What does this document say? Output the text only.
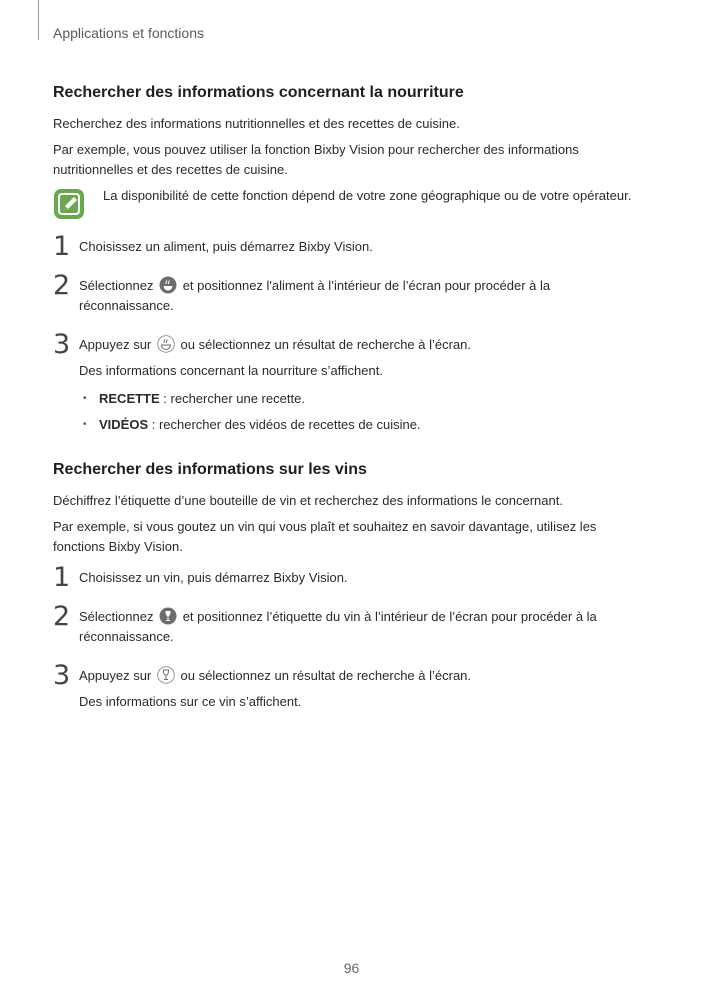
Applications et fonctions
Rechercher des informations concernant la nourriture

Recherchez des informations nutritionnelles et des recettes de cuisine.

Par exemple, vous pouvez utiliser la fonction Bixby Vision pour rechercher des informations nutritionnelles et des recettes de cuisine.

La disponibilité de cette fonction dépend de votre zone géographique ou de votre opérateur.
1 Choisissez un aliment, puis démarrez Bixby Vision.

2 Sélectionnez et positionnez l'aliment à l’intérieur de l’écran pour procéder à la réconnaissance.

3 Appuyez sur ou sélectionnez un résultat de recherche à l’écran.

Des informations concernant la nourriture s’affichent.

• RECETTE : rechercher une recette.
• VIDÉOS : rechercher des vidéos de recettes de cuisine.
Rechercher des informations sur les vins

Déchiffrez l’étiquette d’une bouteille de vin et recherchez des informations le concernant.

Par exemple, si vous goutez un vin qui vous plaît et souhaitez en savoir davantage, utilisez les fonctions Bixby Vision.

1 Choisissez un vin, puis démarrez Bixby Vision.

2 Sélectionnez et positionnez l’étiquette du vin à l’intérieur de l’écran pour procéder à la réconnaissance.

3 Appuyez sur ou sélectionnez un résultat de recherche à l’écran.

Des informations sur ce vin s’affichent.

96
